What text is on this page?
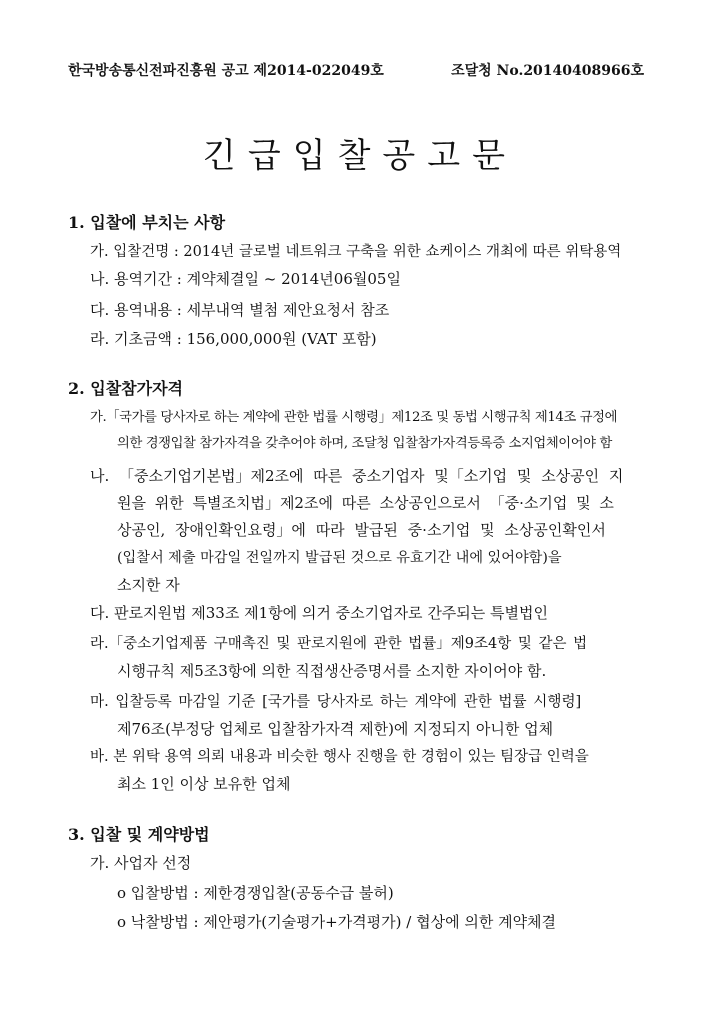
한국방송통신전파진흥원 공고 제2014-022049호	조달청 No.20140408966호
긴급입찰공고문
1. 입찰에 부치는 사항
가. 입찰건명 : 2014년 글로벌 네트워크 구축을 위한 쇼케이스 개최에 따른 위탁용역
나. 용역기간 : 계약체결일 ~ 2014년06월05일
다. 용역내용 : 세부내역 별첨 제안요청서 참조
라. 기초금액 : 156,000,000원 (VAT 포함)
2. 입찰참가자격
가.「국가를 당사자로 하는 계약에 관한 법률 시행령」제12조 및 동법 시행규칙 제14조 규정에
의한 경쟁입찰 참가자격을 갖추어야 하며, 조달청 입찰참가자격등록증 소지업체이어야 함
나. 「중소기업기본법」제2조에 따른 중소기업자 및「소기업 및 소상공인 지
원을 위한 특별조치법」제2조에 따른 소상공인으로서 「중·소기업 및 소
상공인, 장애인확인요령」에 따라 발급된 중·소기업 및 소상공인확인서
(입찰서 제출 마감일 전일까지 발급된 것으로 유효기간 내에 있어야함)을
소지한 자
다. 판로지원법 제33조 제1항에 의거 중소기업자로 간주되는 특별법인
라.「중소기업제품 구매촉진 및 판로지원에 관한 법률」제9조4항 및 같은 법
시행규칙 제5조3항에 의한 직접생산증명서를 소지한 자이어야 함.
마. 입찰등록 마감일 기준 [국가를 당사자로 하는 계약에 관한 법률 시행령]
제76조(부정당 업체로 입찰참가자격 제한)에 지정되지 아니한 업체
바. 본 위탁 용역 의뢰 내용과 비슷한 행사 진행을 한 경험이 있는 팀장급 인력을
최소 1인 이상 보유한 업체
3. 입찰 및 계약방법
가. 사업자 선정
o 입찰방법 : 제한경쟁입찰(공동수급 불허)
o 낙찰방법 : 제안평가(기술평가+가격평가) / 협상에 의한 계약체결
